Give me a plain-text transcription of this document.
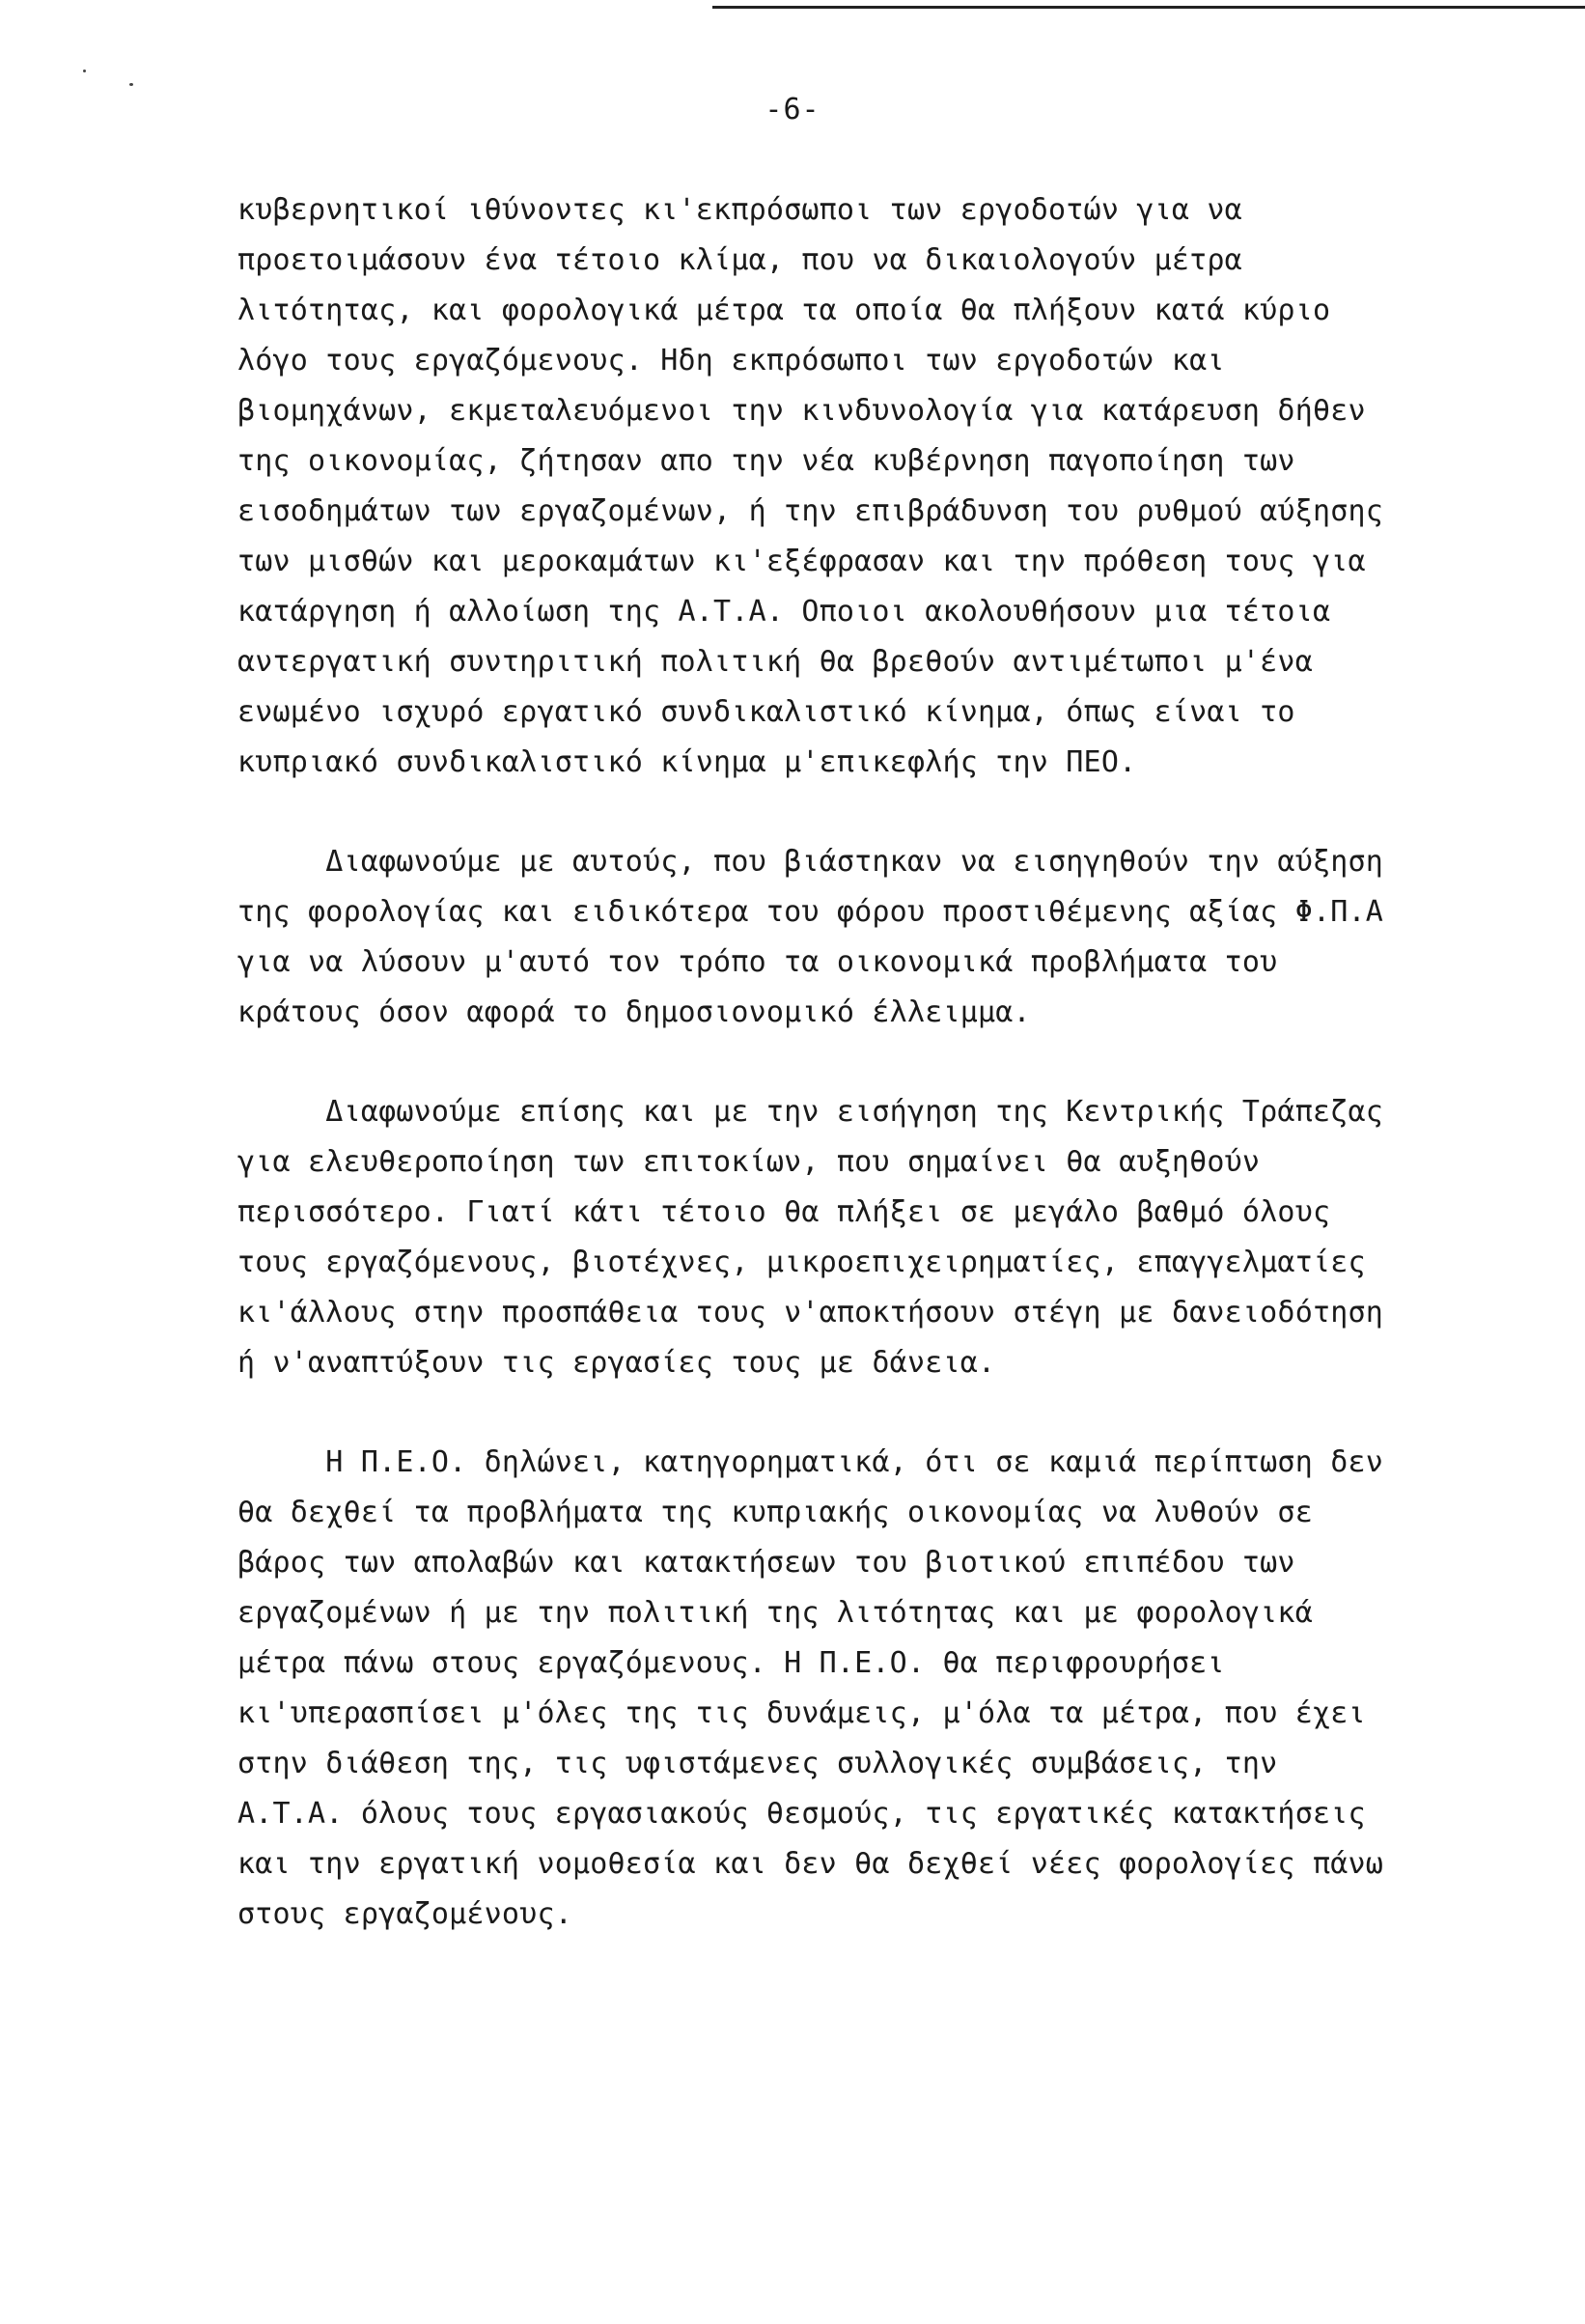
-6-

κυβερνητικοί ιθύνοντες κι'εκπρόσωποι των εργοδοτών για να
προετοιμάσουν ένα τέτοιο κλίμα, που να δικαιολογούν μέτρα
λιτότητας, και φορολογικά μέτρα τα οποία θα πλήξουν κατά κύριο
λόγο τους εργαζόμενους. Ηδη εκπρόσωποι των εργοδοτών και
βιομηχάνων, εκμεταλευόμενοι την κινδυνολογία για κατάρευση δήθεν
της οικονομίας, ζήτησαν απο την νέα κυβέρνηση παγοποίηση των
εισοδημάτων των εργαζομένων, ή την επιβράδυνση του ρυθμού αύξησης
των μισθών και μεροκαμάτων κι'εξέφρασαν και την πρόθεση τους για
κατάργηση ή αλλοίωση της Α.Τ.Α. Οποιοι ακολουθήσουν μια τέτοια
αντεργατική συντηριτική πολιτική θα βρεθούν αντιμέτωποι μ'ένα
ενωμένο ισχυρό εργατικό συνδικαλιστικό κίνημα, όπως είναι το
κυπριακό συνδικαλιστικό κίνημα μ'επικεφλής την ΠΕΟ.

Διαφωνούμε με αυτούς, που βιάστηκαν να εισηγηθούν την αύξηση
της φορολογίας και ειδικότερα του φόρου προστιθέμενης αξίας Φ.Π.Α
για να λύσουν μ'αυτό τον τρόπο τα οικονομικά προβλήματα του
κράτους όσον αφορά το δημοσιονομικό έλλειμμα.

Διαφωνούμε επίσης και με την εισήγηση της Κεντρικής Τράπεζας
για ελευθεροποίηση των επιτοκίων, που σημαίνει θα αυξηθούν
περισσότερο. Γιατί κάτι τέτοιο θα πλήξει σε μεγάλο βαθμό όλους
τους εργαζόμενους, βιοτέχνες, μικροεπιχειρηματίες, επαγγελματίες
κι'άλλους στην προσπάθεια τους ν'αποκτήσουν στέγη με δανειοδότηση
ή ν'αναπτύξουν τις εργασίες τους με δάνεια.

Η Π.Ε.Ο. δηλώνει, κατηγορηματικά, ότι σε καμιά περίπτωση δεν
θα δεχθεί τα προβλήματα της κυπριακής οικονομίας να λυθούν σε
βάρος των απολαβών και κατακτήσεων του βιοτικού επιπέδου των
εργαζομένων ή με την πολιτική της λιτότητας και με φορολογικά
μέτρα πάνω στους εργαζόμενους. Η Π.Ε.Ο. θα περιφρουρήσει
κι'υπερασπίσει μ'όλες της τις δυνάμεις, μ'όλα τα μέτρα, που έχει
στην διάθεση της, τις υφιστάμενες συλλογικές συμβάσεις, την
Α.Τ.Α. όλους τους εργασιακούς θεσμούς, τις εργατικές κατακτήσεις
και την εργατική νομοθεσία και δεν θα δεχθεί νέες φορολογίες πάνω
στους εργαζομένους.
